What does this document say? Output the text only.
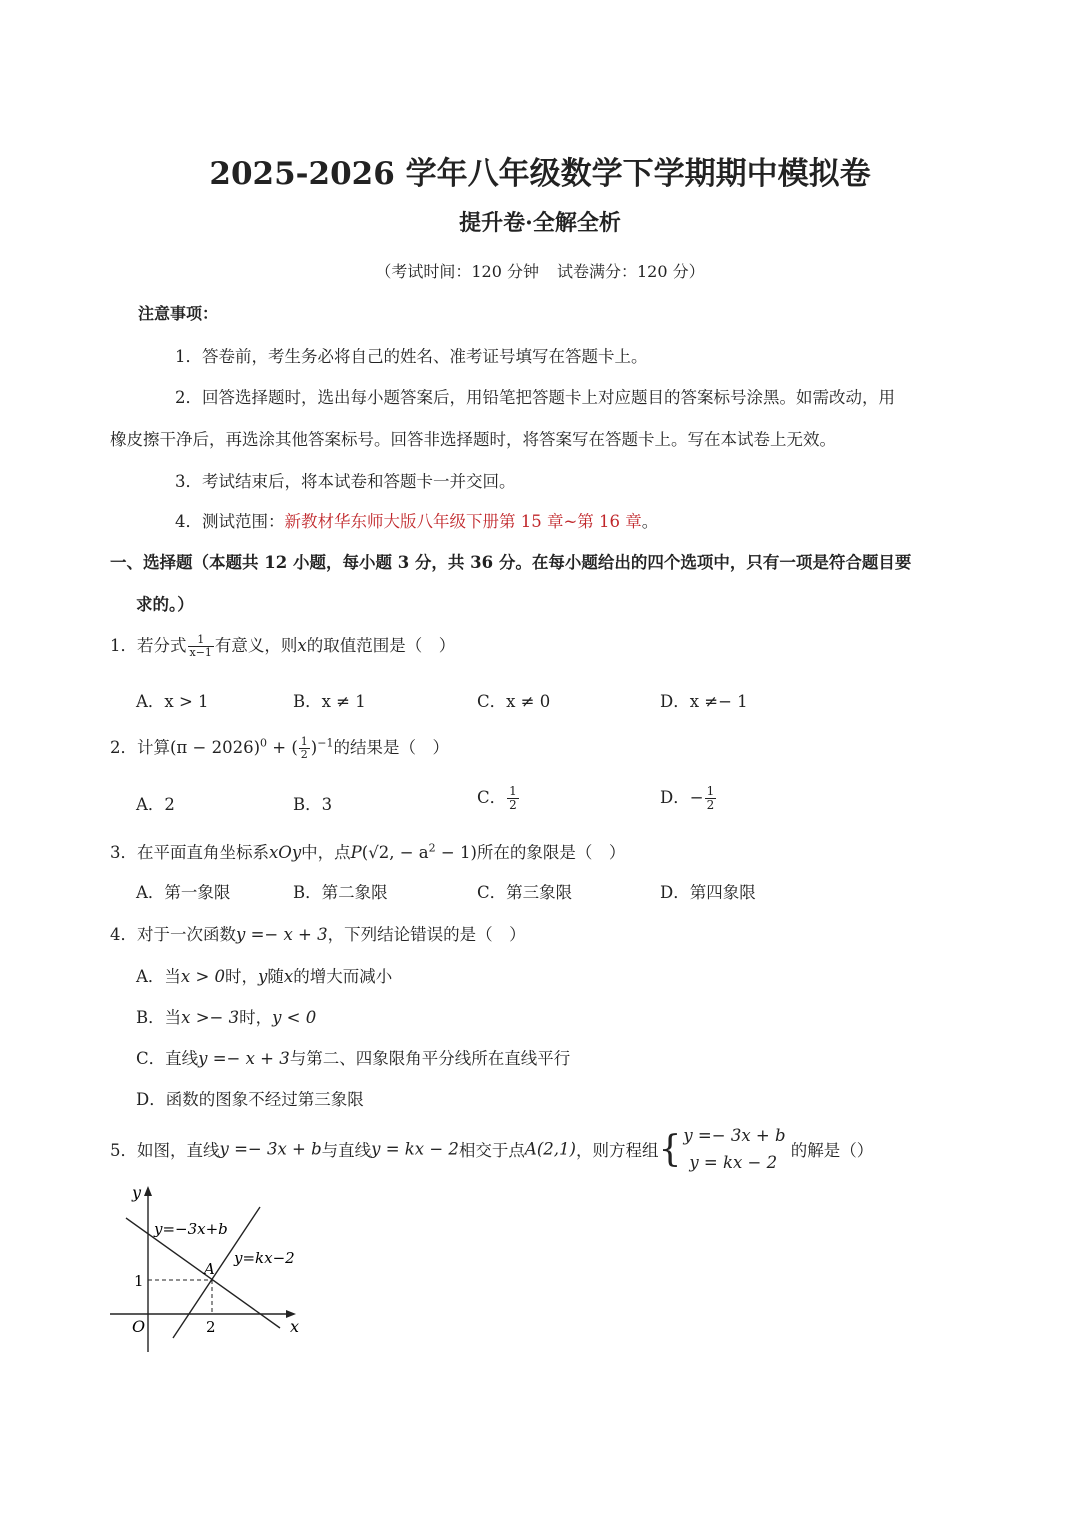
2025-2026 学年八年级数学下学期期中模拟卷
提升卷·全解全析
（考试时间：120 分钟 试卷满分：120 分）
注意事项：
1．答卷前，考生务必将自己的姓名、准考证号填写在答题卡上。
2．回答选择题时，选出每小题答案后，用铅笔把答题卡上对应题目的答案标号涂黑。如需改动，用
橡皮擦干净后，再选涂其他答案标号。回答非选择题时，将答案写在答题卡上。写在本试卷上无效。
3．考试结束后，将本试卷和答题卡一并交回。
4．测试范围：新教材华东师大版八年级下册第 15 章~第 16 章。
一、选择题（本题共 12 小题，每小题 3 分，共 36 分。在每小题给出的四个选项中，只有一项是符合题目要
求的。）
1．若分式 $\frac{1}{x-1}$ 有意义，则x的取值范围是（　）
A．x > 1	B．x ≠ 1	C．x ≠ 0	D．x ≠− 1
2．计算$(\pi - 2026)^0$ + ( $\frac{1}{2} )^{-1}$的结果是（　）
A．2	B．3	C． $\frac{1}{2}$	D．− $\frac{1}{2}$
3．在平面直角坐标系xOy中，点P(√2, − $a^2 - 1$)所在的象限是（　）
A．第一象限	B．第二象限	C．第三象限	D．第四象限
4．对于一次函数y =− x + 3，下列结论错误的是（　）
A．当x > 0时，y随x的增大而减小
B．当x >− 3时，y < 0
C．直线y =− x + 3与第二、四象限角平分线所在直线平行
D．函数的图象不经过第三象限
5．如图，直线y =− 3x + b与直线y = kx − 2相交于点A(2,1)，则方程组{ y =− 3x + b
y = kx − 2
的解是（）
y
x
O
y=−3x+b
y=kx−2
A
1
2
